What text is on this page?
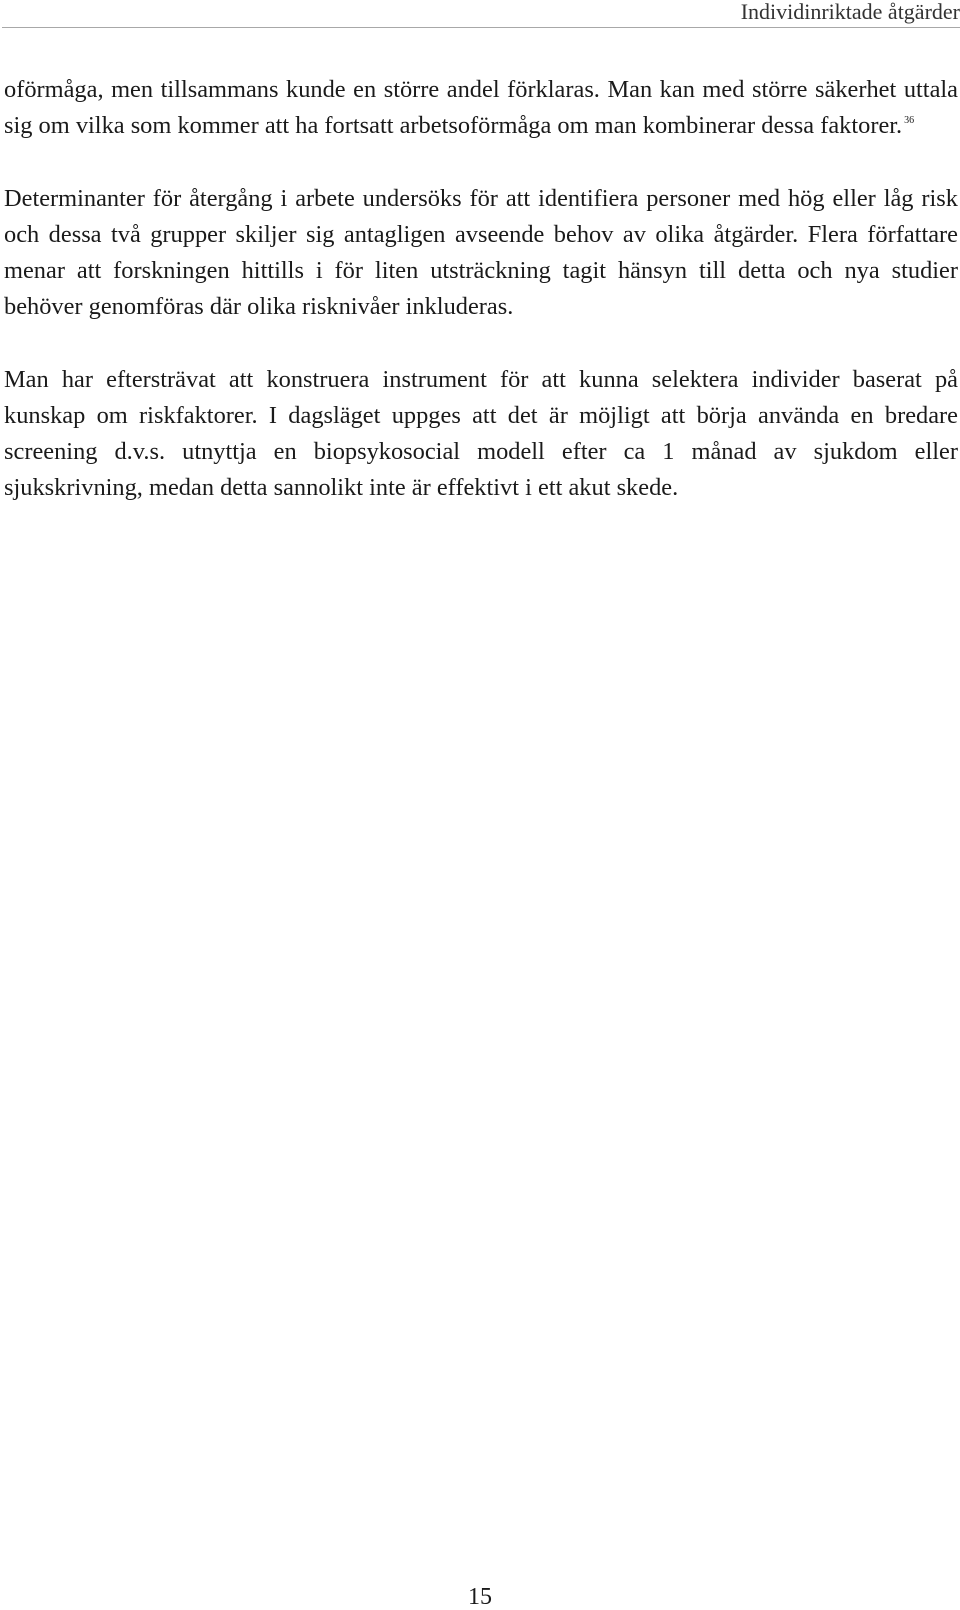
Individinriktade åtgärder

oförmåga, men tillsammans kunde en större andel förklaras. Man kan med större säkerhet uttala sig om vilka som kommer att ha fortsatt arbetsoförmåga om man kombinerar dessa faktorer. $^{36}$

Determinanter för återgång i arbete undersöks för att identifiera personer med hög eller låg risk och dessa två grupper skiljer sig antagligen avseende behov av olika åtgärder. Flera författare menar att forskningen hittills i för liten utsträckning tagit hänsyn till detta och nya studier behöver genomföras där olika risknivåer inkluderas.

Man har eftersträvat att konstruera instrument för att kunna selektera individer baserat på kunskap om riskfaktorer. I dagsläget uppges att det är möjligt att börja använda en bredare screening d.v.s. utnyttja en biopsykosocial modell efter ca 1 månad av sjukdom eller sjukskrivning, medan detta sannolikt inte är effektivt i ett akut skede.

15
